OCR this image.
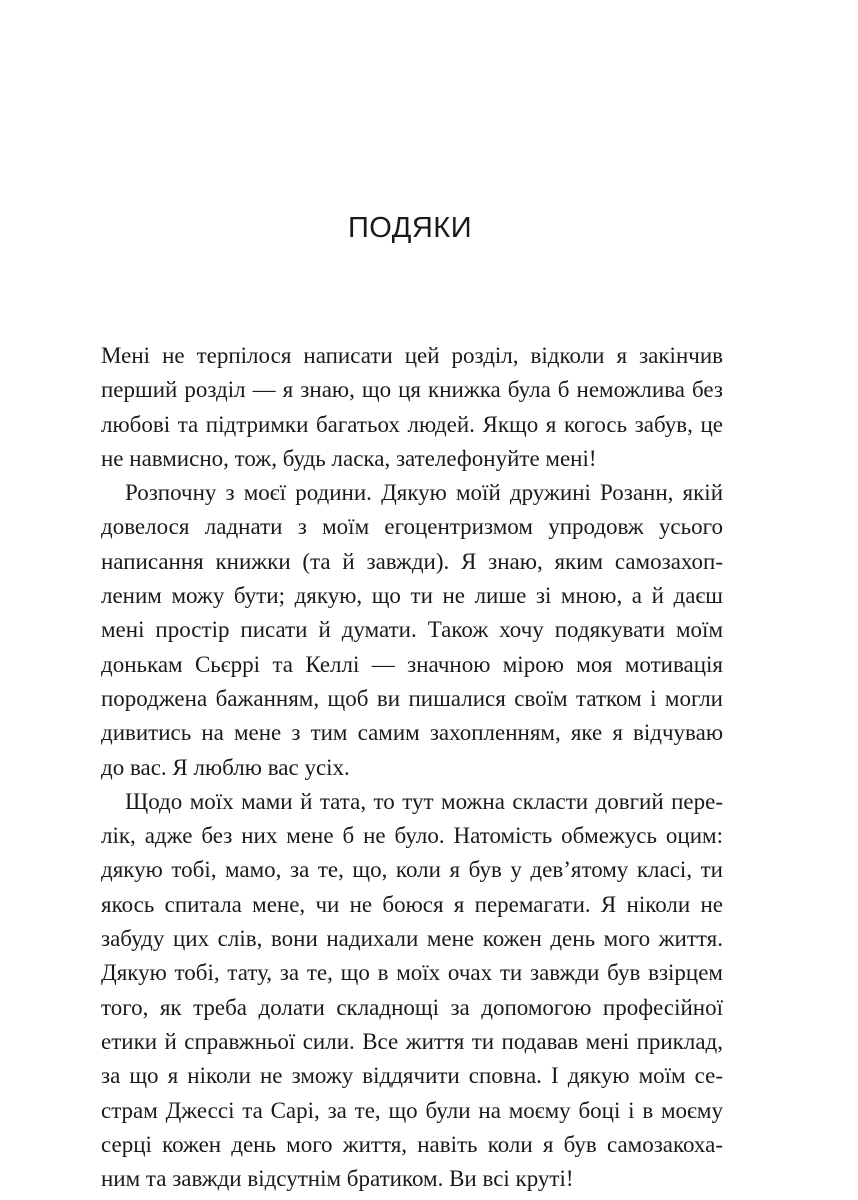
ПОДЯКИ
Мені не терпілося написати цей розділ, відколи я закінчив
перший розділ — я знаю, що ця книжка була б неможлива без
любові та підтримки багатьох людей. Якщо я когось забув, це
не навмисно, тож, будь ласка, зателефонуйте мені!
Розпочну з моєї родини. Дякую моїй дружині Розанн, якій
довелося ладнати з моїм егоцентризмом упродовж усього
написання книжки (та й завжди). Я знаю, яким самозахоп-
леним можу бути; дякую, що ти не лише зі мною, а й даєш
мені простір писати й думати. Також хочу подякувати моїм
донькам Сьєррі та Келлі — значною мірою моя мотивація
породжена бажанням, щоб ви пишалися своїм татком і могли
дивитись на мене з тим самим захопленням, яке я відчуваю
до вас. Я люблю вас усіх.
Щодо моїх мами й тата, то тут можна скласти довгий пере-
лік, адже без них мене б не було. Натомість обмежусь оцим:
дякую тобі, мамо, за те, що, коли я був у дев’ятому класі, ти
якось спитала мене, чи не боюся я перемагати. Я ніколи не
забуду цих слів, вони надихали мене кожен день мого життя.
Дякую тобі, тату, за те, що в моїх очах ти завжди був взірцем
того, як треба долати складнощі за допомогою професійної
етики й справжньої сили. Все життя ти подавав мені приклад,
за що я ніколи не зможу віддячити сповна. І дякую моїм се-
страм Джессі та Сарі, за те, що були на моєму боці і в моєму
серці кожен день мого життя, навіть коли я був самозакоха-
ним та завжди відсутнім братиком. Ви всі круті!
